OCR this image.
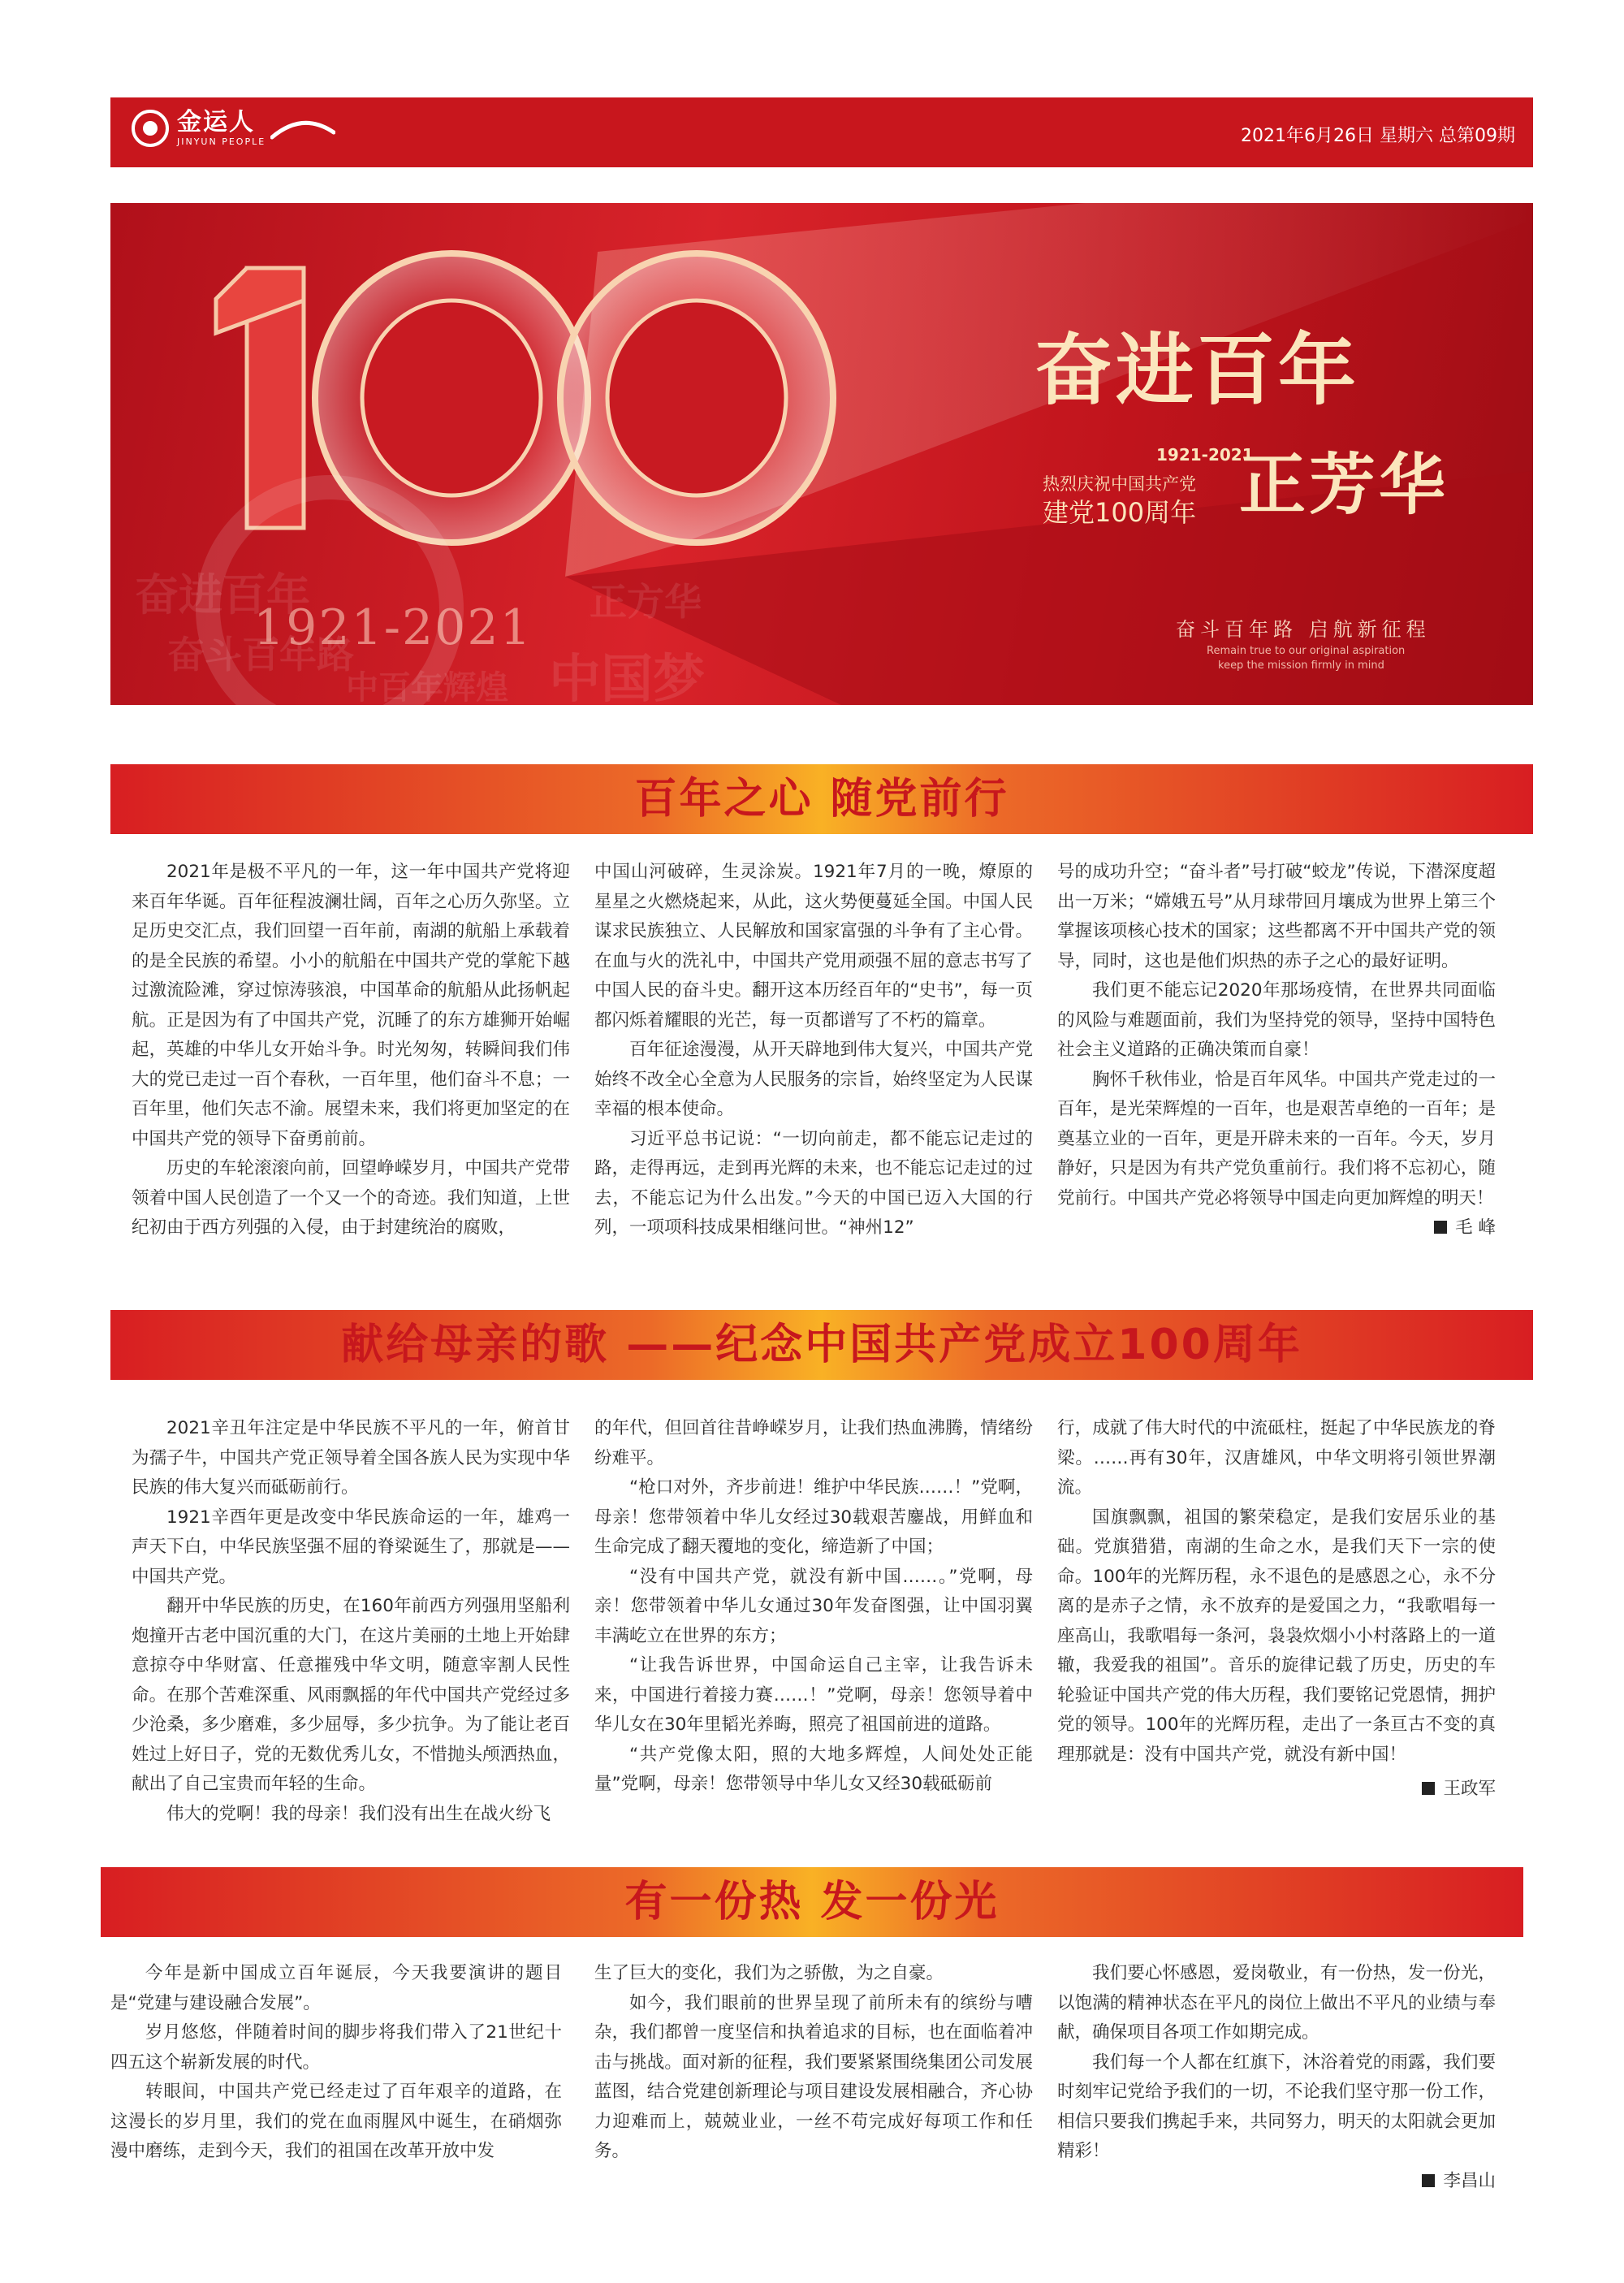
金运人
JINYUN PEOPLE	2021年6月26日 星期六 总第09期
奋进百年
奋斗百年路	中国梦
中百年辉煌
正方华
1921-2021
奋进百年
1921-2021
热烈庆祝中国共产党
建党100周年 正芳华
奋斗百年路 启航新征程
Remain true to our original aspiration
keep the mission firmly in mind
百年之心 随党前行

2021年是极不平凡的一年，这一年中国共产党将迎来百年华诞。百年征程波澜壮阔，百年之心历久弥坚。立足历史交汇点，我们回望一百年前，南湖的航船上承载着的是全民族的希望。小小的航船在中国共产党的掌舵下越过激流险滩，穿过惊涛骇浪，中国革命的航船从此扬帆起航。正是因为有了中国共产党，沉睡了的东方雄狮开始崛起，英雄的中华儿女开始斗争。时光匆匆，转瞬间我们伟大的党已走过一百个春秋，一百年里，他们奋斗不息；一百年里，他们矢志不渝。展望未来，我们将更加坚定的在中国共产党的领导下奋勇前前。

历史的车轮滚滚向前，回望峥嵘岁月，中国共产党带领着中国人民创造了一个又一个的奇迹。我们知道，上世纪初由于西方列强的入侵，由于封建统治的腐败，

中国山河破碎，生灵涂炭。1921年7月的一晚，燎原的星星之火燃烧起来，从此，这火势便蔓延全国。中国人民谋求民族独立、人民解放和国家富强的斗争有了主心骨。在血与火的洗礼中，中国共产党用顽强不屈的意志书写了中国人民的奋斗史。翻开这本历经百年的“史书”，每一页都闪烁着耀眼的光芒，每一页都谱写了不朽的篇章。

百年征途漫漫，从开天辟地到伟大复兴，中国共产党始终不改全心全意为人民服务的宗旨，始终坚定为人民谋幸福的根本使命。

习近平总书记说：“一切向前走，都不能忘记走过的路，走得再远，走到再光辉的未来，也不能忘记走过的过去，不能忘记为什么出发。”今天的中国已迈入大国的行列，一项项科技成果相继问世。“神州12”

号的成功升空；“奋斗者”号打破“蛟龙”传说，下潜深度超出一万米；“嫦娥五号”从月球带回月壤成为世界上第三个掌握该项核心技术的国家；这些都离不开中国共产党的领导，同时，这也是他们炽热的赤子之心的最好证明。

我们更不能忘记2020年那场疫情，在世界共同面临的风险与难题面前，我们为坚持党的领导，坚持中国特色社会主义道路的正确决策而自豪！

胸怀千秋伟业，恰是百年风华。中国共产党走过的一百年，是光荣辉煌的一百年，也是艰苦卓绝的一百年；是奠基立业的一百年，更是开辟未来的一百年。今天，岁月静好，只是因为有共产党负重前行。我们将不忘初心，随党前行。中国共产党必将领导中国走向更加辉煌的明天！

毛 峰

献给母亲的歌 ——纪念中国共产党成立100周年

2021辛丑年注定是中华民族不平凡的一年，俯首甘为孺子牛，中国共产党正领导着全国各族人民为实现中华民族的伟大复兴而砥砺前行。

1921辛酉年更是改变中华民族命运的一年，雄鸡一声天下白，中华民族坚强不屈的脊梁诞生了，那就是——中国共产党。

翻开中华民族的历史，在160年前西方列强用坚船利炮撞开古老中国沉重的大门，在这片美丽的土地上开始肆意掠夺中华财富、任意摧残中华文明，随意宰割人民性命。在那个苦难深重、风雨飘摇的年代中国共产党经过多少沧桑，多少磨难，多少屈辱，多少抗争。为了能让老百姓过上好日子，党的无数优秀儿女，不惜抛头颅洒热血，献出了自己宝贵而年轻的生命。

伟大的党啊！我的母亲！我们没有出生在战火纷飞

的年代，但回首往昔峥嵘岁月，让我们热血沸腾，情绪纷纷难平。

“枪口对外，齐步前进！维护中华民族……！”党啊，母亲！您带领着中华儿女经过30载艰苦鏖战，用鲜血和生命完成了翻天覆地的变化，缔造新了中国；

“没有中国共产党，就没有新中国……。”党啊，母亲！您带领着中华儿女通过30年发奋图强，让中国羽翼丰满屹立在世界的东方；

“让我告诉世界，中国命运自己主宰，让我告诉未来，中国进行着接力赛……！”党啊，母亲！您领导着中华儿女在30年里韬光养晦，照亮了祖国前进的道路。

“共产党像太阳，照的大地多辉煌，人间处处正能量”党啊，母亲！您带领导中华儿女又经30载砥砺前

行，成就了伟大时代的中流砥柱，挺起了中华民族龙的脊梁。……再有30年，汉唐雄风，中华文明将引领世界潮流。

国旗飘飘，祖国的繁荣稳定，是我们安居乐业的基础。党旗猎猎，南湖的生命之水，是我们天下一宗的使命。100年的光辉历程，永不退色的是感恩之心，永不分离的是赤子之情，永不放弃的是爱国之力，“我歌唱每一座高山，我歌唱每一条河，袅袅炊烟小小村落路上的一道辙，我爱我的祖国”。音乐的旋律记载了历史，历史的车轮验证中国共产党的伟大历程，我们要铭记党恩情，拥护党的领导。100年的光辉历程，走出了一条亘古不变的真理那就是：没有中国共产党，就没有新中国！

王政军

有一份热 发一份光

今年是新中国成立百年诞辰，今天我要演讲的题目是“党建与建设融合发展”。

岁月悠悠，伴随着时间的脚步将我们带入了21世纪十四五这个崭新发展的时代。

转眼间，中国共产党已经走过了百年艰辛的道路，在这漫长的岁月里，我们的党在血雨腥风中诞生，在硝烟弥漫中磨练，走到今天，我们的祖国在改革开放中发

生了巨大的变化，我们为之骄傲，为之自豪。

如今，我们眼前的世界呈现了前所未有的缤纷与嘈杂，我们都曾一度坚信和执着追求的目标，也在面临着冲击与挑战。面对新的征程，我们要紧紧围绕集团公司发展蓝图，结合党建创新理论与项目建设发展相融合，齐心协力迎难而上，兢兢业业，一丝不苟完成好每项工作和任务。

我们要心怀感恩，爱岗敬业，有一份热，发一份光，以饱满的精神状态在平凡的岗位上做出不平凡的业绩与奉献，确保项目各项工作如期完成。

我们每一个人都在红旗下，沐浴着党的雨露，我们要时刻牢记党给予我们的一切，不论我们坚守那一份工作，相信只要我们携起手来，共同努力，明天的太阳就会更加精彩！

李昌山
